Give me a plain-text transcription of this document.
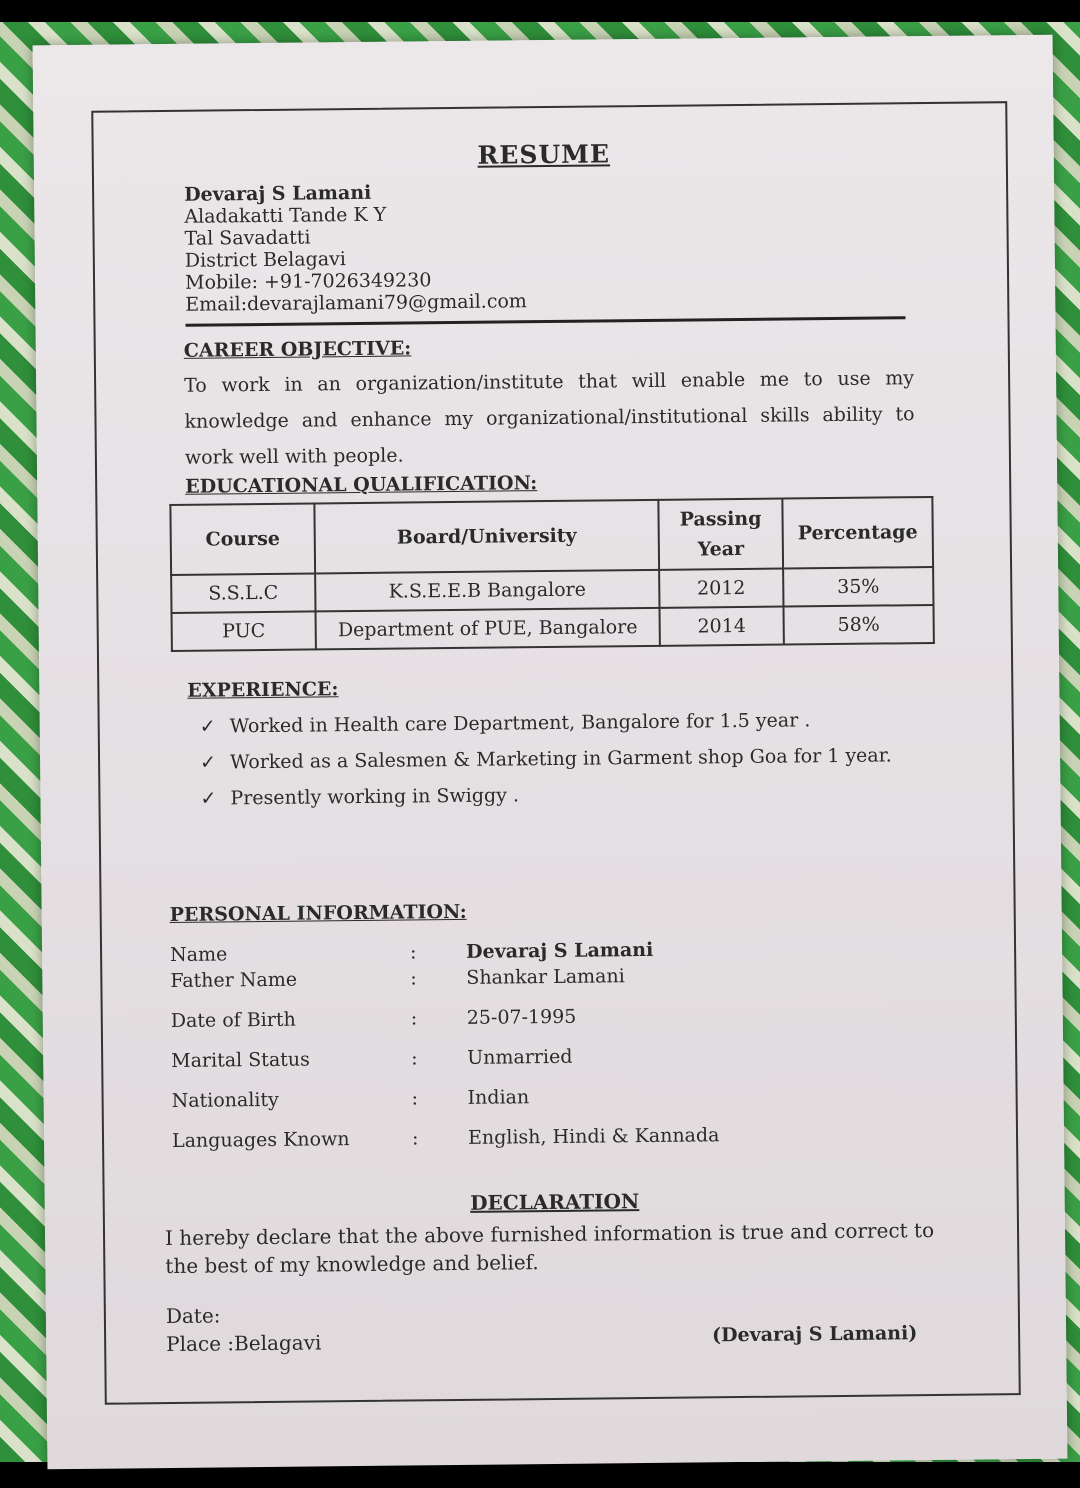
RESUME
Devaraj S Lamani
Aladakatti Tande K Y
Tal Savadatti
District Belagavi
Mobile: +91-7026349230
Email:devarajlamani79@gmail.com
CAREER OBJECTIVE:
To work in an organization/institute that will enable me to use my knowledge and enhance my organizational/institutional skills ability to work well with people.
EDUCATIONAL QUALIFICATION:
Course	Board/University	Passing Year	Percentage
S.S.L.C	K.S.E.E.B Bangalore	2012	35%
PUC	Department of PUE, Bangalore	2014	58%
EXPERIENCE:
✓ Worked in Health care Department, Bangalore for 1.5 year .
✓ Worked as a Salesmen & Marketing in Garment shop Goa for 1 year.
✓ Presently working in Swiggy .
PERSONAL INFORMATION:
Name	:	Devaraj S Lamani
Father Name	:	Shankar Lamani
Date of Birth	:	25-07-1995
Marital Status	:	Unmarried
Nationality	:	Indian
Languages Known	:	English, Hindi & Kannada
DECLARATION
I hereby declare that the above furnished information is true and correct to the best of my knowledge and belief.
Date:
Place :Belagavi	(Devaraj S Lamani)
